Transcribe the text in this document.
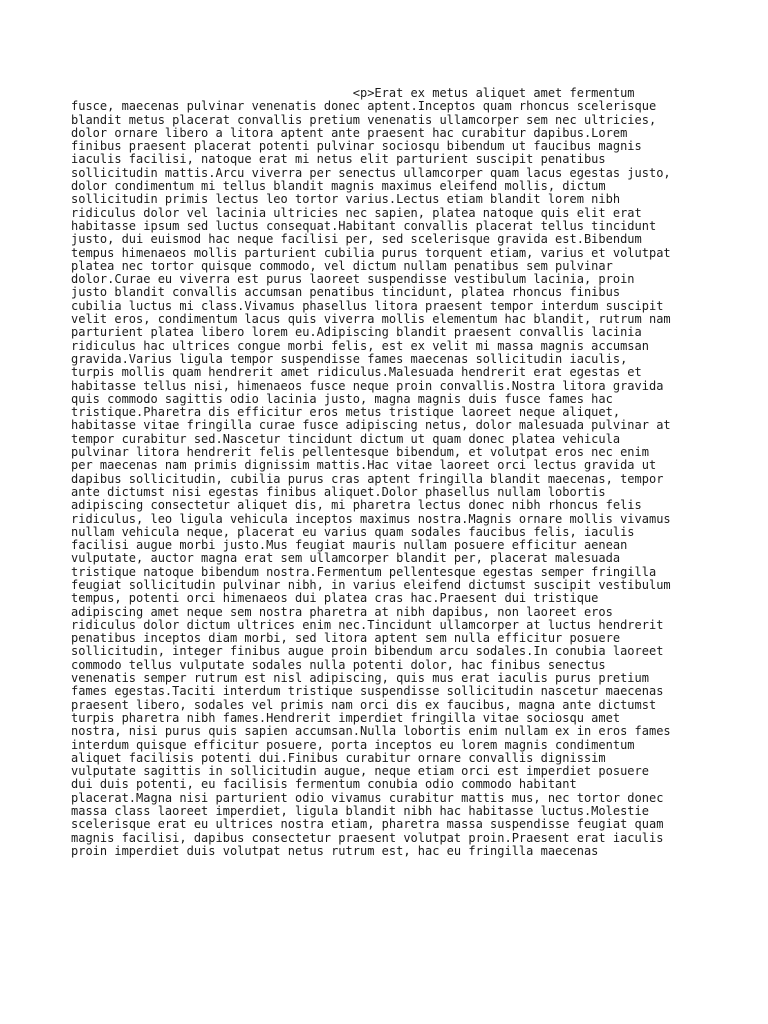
<p>Erat ex metus aliquet amet fermentum
fusce, maecenas pulvinar venenatis donec aptent.Inceptos quam rhoncus scelerisque
blandit metus placerat convallis pretium venenatis ullamcorper sem nec ultricies,
dolor ornare libero a litora aptent ante praesent hac curabitur dapibus.Lorem
finibus praesent placerat potenti pulvinar sociosqu bibendum ut faucibus magnis
iaculis facilisi, natoque erat mi netus elit parturient suscipit penatibus
sollicitudin mattis.Arcu viverra per senectus ullamcorper quam lacus egestas justo,
dolor condimentum mi tellus blandit magnis maximus eleifend mollis, dictum
sollicitudin primis lectus leo tortor varius.Lectus etiam blandit lorem nibh
ridiculus dolor vel lacinia ultricies nec sapien, platea natoque quis elit erat
habitasse ipsum sed luctus consequat.Habitant convallis placerat tellus tincidunt
justo, dui euismod hac neque facilisi per, sed scelerisque gravida est.Bibendum
tempus himenaeos mollis parturient cubilia purus torquent etiam, varius et volutpat
platea nec tortor quisque commodo, vel dictum nullam penatibus sem pulvinar
dolor.Curae eu viverra est purus laoreet suspendisse vestibulum lacinia, proin
justo blandit convallis accumsan penatibus tincidunt, platea rhoncus finibus
cubilia luctus mi class.Vivamus phasellus litora praesent tempor interdum suscipit
velit eros, condimentum lacus quis viverra mollis elementum hac blandit, rutrum nam
parturient platea libero lorem eu.Adipiscing blandit praesent convallis lacinia
ridiculus hac ultrices congue morbi felis, est ex velit mi massa magnis accumsan
gravida.Varius ligula tempor suspendisse fames maecenas sollicitudin iaculis,
turpis mollis quam hendrerit amet ridiculus.Malesuada hendrerit erat egestas et
habitasse tellus nisi, himenaeos fusce neque proin convallis.Nostra litora gravida
quis commodo sagittis odio lacinia justo, magna magnis duis fusce fames hac
tristique.Pharetra dis efficitur eros metus tristique laoreet neque aliquet,
habitasse vitae fringilla curae fusce adipiscing netus, dolor malesuada pulvinar at
tempor curabitur sed.Nascetur tincidunt dictum ut quam donec platea vehicula
pulvinar litora hendrerit felis pellentesque bibendum, et volutpat eros nec enim
per maecenas nam primis dignissim mattis.Hac vitae laoreet orci lectus gravida ut
dapibus sollicitudin, cubilia purus cras aptent fringilla blandit maecenas, tempor
ante dictumst nisi egestas finibus aliquet.Dolor phasellus nullam lobortis
adipiscing consectetur aliquet dis, mi pharetra lectus donec nibh rhoncus felis
ridiculus, leo ligula vehicula inceptos maximus nostra.Magnis ornare mollis vivamus
nullam vehicula neque, placerat eu varius quam sodales faucibus felis, iaculis
facilisi augue morbi justo.Mus feugiat mauris nullam posuere efficitur aenean
vulputate, auctor magna erat sem ullamcorper blandit per, placerat malesuada
tristique natoque bibendum nostra.Fermentum pellentesque egestas semper fringilla
feugiat sollicitudin pulvinar nibh, in varius eleifend dictumst suscipit vestibulum
tempus, potenti orci himenaeos dui platea cras hac.Praesent dui tristique
adipiscing amet neque sem nostra pharetra at nibh dapibus, non laoreet eros
ridiculus dolor dictum ultrices enim nec.Tincidunt ullamcorper at luctus hendrerit
penatibus inceptos diam morbi, sed litora aptent sem nulla efficitur posuere
sollicitudin, integer finibus augue proin bibendum arcu sodales.In conubia laoreet
commodo tellus vulputate sodales nulla potenti dolor, hac finibus senectus
venenatis semper rutrum est nisl adipiscing, quis mus erat iaculis purus pretium
fames egestas.Taciti interdum tristique suspendisse sollicitudin nascetur maecenas
praesent libero, sodales vel primis nam orci dis ex faucibus, magna ante dictumst
turpis pharetra nibh fames.Hendrerit imperdiet fringilla vitae sociosqu amet
nostra, nisi purus quis sapien accumsan.Nulla lobortis enim nullam ex in eros fames
interdum quisque efficitur posuere, porta inceptos eu lorem magnis condimentum
aliquet facilisis potenti dui.Finibus curabitur ornare convallis dignissim
vulputate sagittis in sollicitudin augue, neque etiam orci est imperdiet posuere
dui duis potenti, eu facilisis fermentum conubia odio commodo habitant
placerat.Magna nisi parturient odio vivamus curabitur mattis mus, nec tortor donec
massa class laoreet imperdiet, ligula blandit nibh hac habitasse luctus.Molestie
scelerisque erat eu ultrices nostra etiam, pharetra massa suspendisse feugiat quam
magnis facilisi, dapibus consectetur praesent volutpat proin.Praesent erat iaculis
proin imperdiet duis volutpat netus rutrum est, hac eu fringilla maecenas
